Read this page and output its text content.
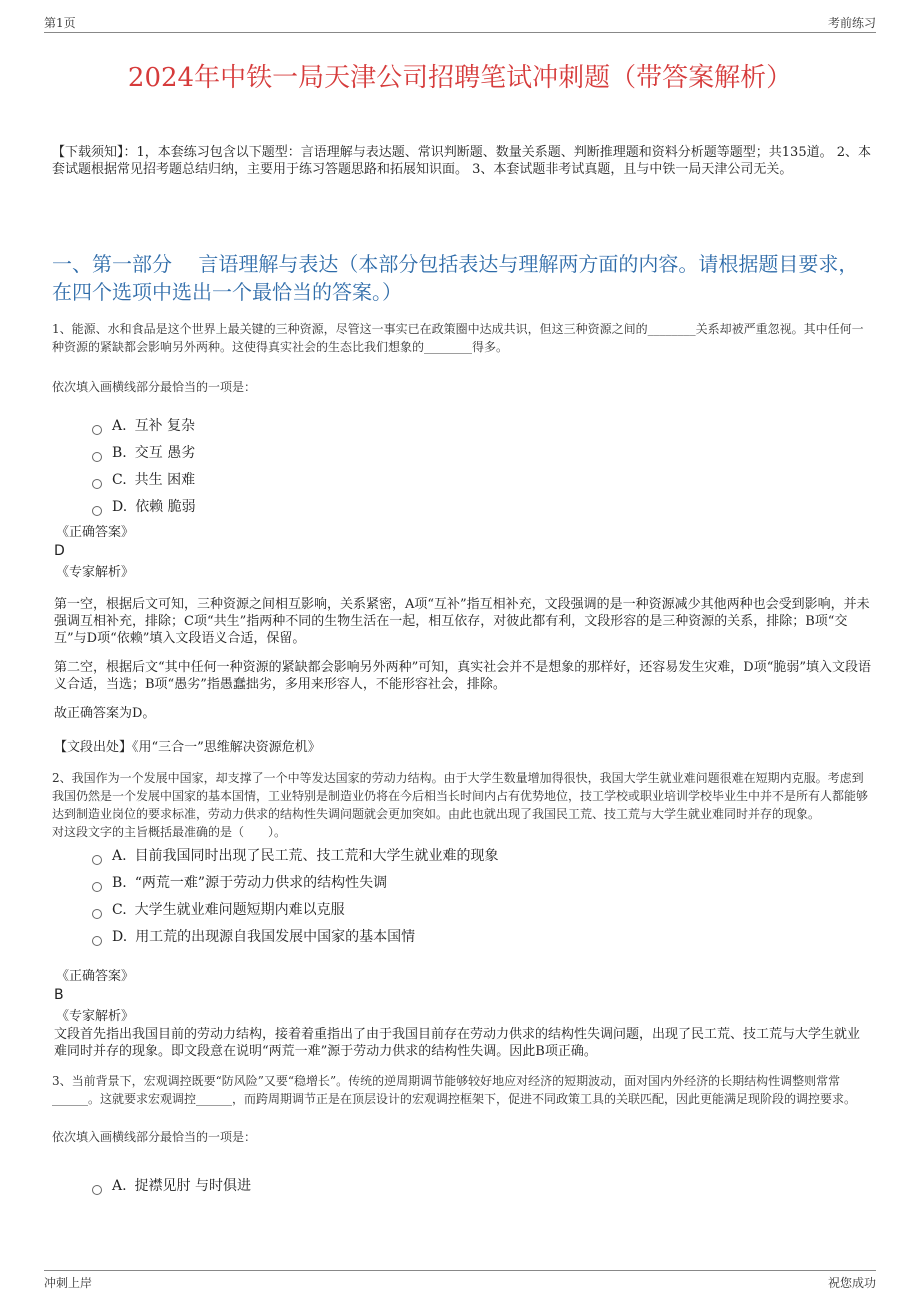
第1页	考前练习
2024年中铁一局天津公司招聘笔试冲刺题（带答案解析）

【下载须知】：1，本套练习包含以下题型：言语理解与表达题、常识判断题、数量关系题、判断推理题和资料分析题等题型；共135道。 2、本套试题根据常见招考题总结归纳，主要用于练习答题思路和拓展知识面。 3、本套试题非考试真题，且与中铁一局天津公司无关。

一、第一部分　 言语理解与表达（本部分包括表达与理解两方面的内容。请根据题目要求，在四个选项中选出一个最恰当的答案。）

1、能源、水和食品是这个世界上最关键的三种资源，尽管这一事实已在政策圈中达成共识，但这三种资源之间的________关系却被严重忽视。其中任何一种资源的紧缺都会影响另外两种。这使得真实社会的生态比我们想象的________得多。

依次填入画横线部分最恰当的一项是：

A. 互补 复杂
B. 交互 愚劣
C. 共生 困难
D. 依赖 脆弱
《正确答案》
D
《专家解析》

第一空，根据后文可知，三种资源之间相互影响，关系紧密，A项“互补”指互相补充，文段强调的是一种资源减少其他两种也会受到影响，并未强调互相补充，排除；C项“共生”指两种不同的生物生活在一起，相互依存，对彼此都有利，文段形容的是三种资源的关系，排除；B项“交互”与D项“依赖”填入文段语义合适，保留。

第二空，根据后文“其中任何一种资源的紧缺都会影响另外两种”可知，真实社会并不是想象的那样好，还容易发生灾难，D项“脆弱”填入文段语义合适，当选；B项“愚劣”指愚蠢拙劣，多用来形容人，不能形容社会，排除。

故正确答案为D。

【文段出处】《用“三合一”思维解决资源危机》

2、我国作为一个发展中国家，却支撑了一个中等发达国家的劳动力结构。由于大学生数量增加得很快，我国大学生就业难问题很难在短期内克服。考虑到我国仍然是一个发展中国家的基本国情，工业特别是制造业仍将在今后相当长时间内占有优势地位，技工学校或职业培训学校毕业生中并不是所有人都能够达到制造业岗位的要求标准，劳动力供求的结构性失调问题就会更加突如。由此也就出现了我国民工荒、技工荒与大学生就业难同时并存的现象。

对这段文字的主旨概括最准确的是（　　）。

A. 目前我国同时出现了民工荒、技工荒和大学生就业难的现象
B. “两荒一难”源于劳动力供求的结构性失调
C. 大学生就业难问题短期内难以克服
D. 用工荒的出现源自我国发展中国家的基本国情
《正确答案》
B
《专家解析》

文段首先指出我国目前的劳动力结构，接着着重指出了由于我国目前存在劳动力供求的结构性失调问题，出现了民工荒、技工荒与大学生就业难同时并存的现象。即文段意在说明“两荒一难”源于劳动力供求的结构性失调。因此B项正确。

3、当前背景下，宏观调控既要“防风险”又要“稳增长”。传统的逆周期调节能够较好地应对经济的短期波动，面对国内外经济的长期结构性调整则常常______。这就要求宏观调控______，而跨周期调节正是在顶层设计的宏观调控框架下，促进不同政策工具的关联匹配，因此更能满足现阶段的调控要求。

依次填入画横线部分最恰当的一项是：

A. 捉襟见肘 与时俱进
冲刺上岸	祝您成功
